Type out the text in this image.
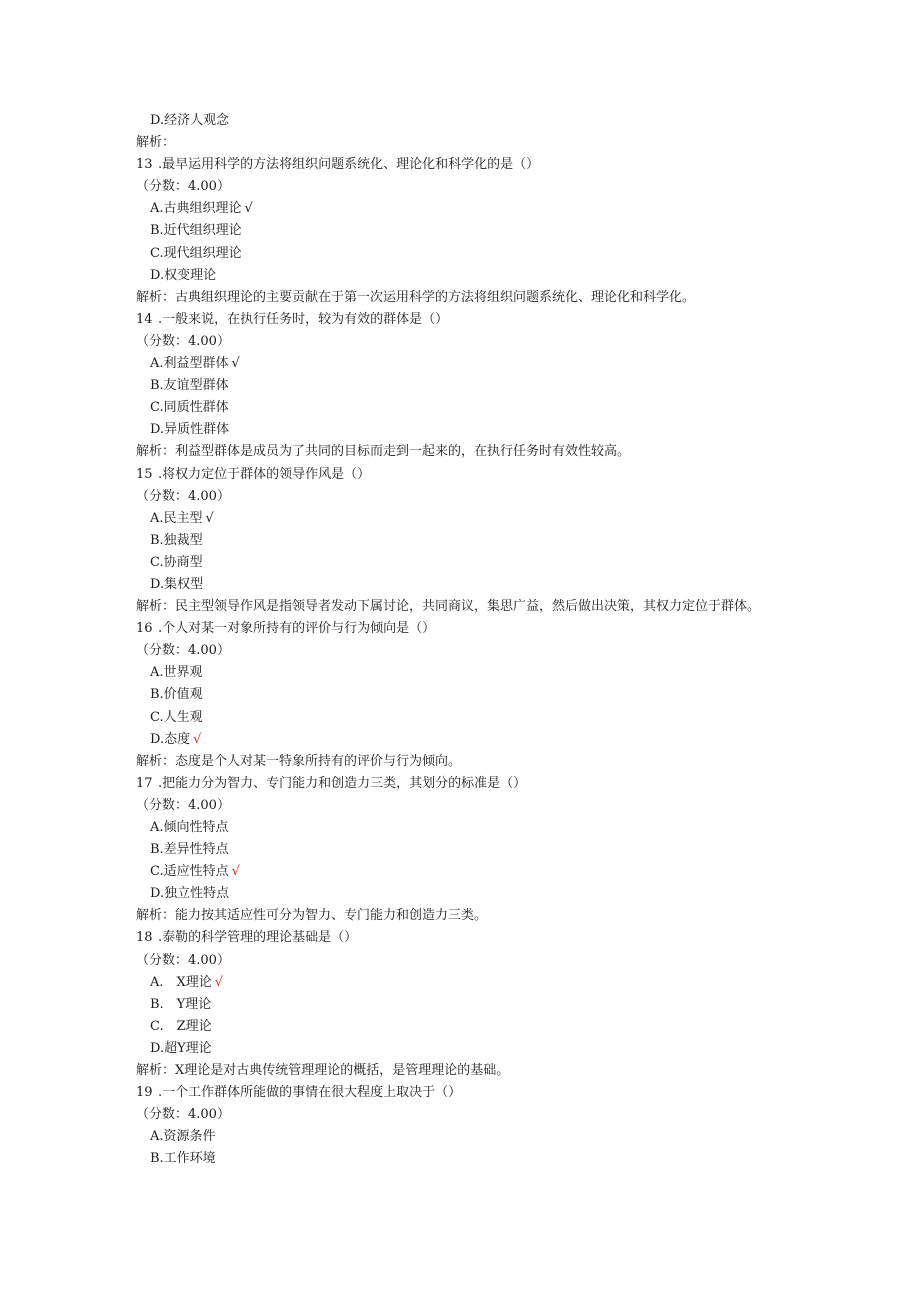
D.经济人观念
解析：
13 .最早运用科学的方法将组织问题系统化、理论化和科学化的是（）
（分数：4.00）
A.古典组织理论 √
B.近代组织理论
C.现代组织理论
D.权变理论
解析：古典组织理论的主要贡献在于第一次运用科学的方法将组织问题系统化、理论化和科学化。
14 .一般来说，在执行任务时，较为有效的群体是（）
（分数：4.00）
A.利益型群体 √
B.友谊型群体
C.同质性群体
D.异质性群体
解析：利益型群体是成员为了共同的目标而走到一起来的，在执行任务时有效性较高。
15 .将权力定位于群体的领导作风是（）
（分数：4.00）
A.民主型 √
B.独裁型
C.协商型
D.集权型
解析：民主型领导作风是指领导者发动下属讨论，共同商议，集思广益，然后做出决策，其权力定位于群体。
16 .个人对某一对象所持有的评价与行为倾向是（）
（分数：4.00）
A.世界观
B.价值观
C.人生观
D.态度 √
解析：态度是个人对某一特象所持有的评价与行为倾向。
17 .把能力分为智力、专门能力和创造力三类，其划分的标准是（）
（分数：4.00）
A.倾向性特点
B.差异性特点
C.适应性特点 √
D.独立性特点
解析：能力按其适应性可分为智力、专门能力和创造力三类。
18 .泰勒的科学管理的理论基础是（）
（分数：4.00）
A.　X理论 √
B.　Y理论
C.　Z理论
D.超Y理论
解析：X理论是对古典传统管理理论的概括，是管理理论的基础。
19 .一个工作群体所能做的事情在很大程度上取决于（）
（分数：4.00）
A.资源条件
B.工作环境
